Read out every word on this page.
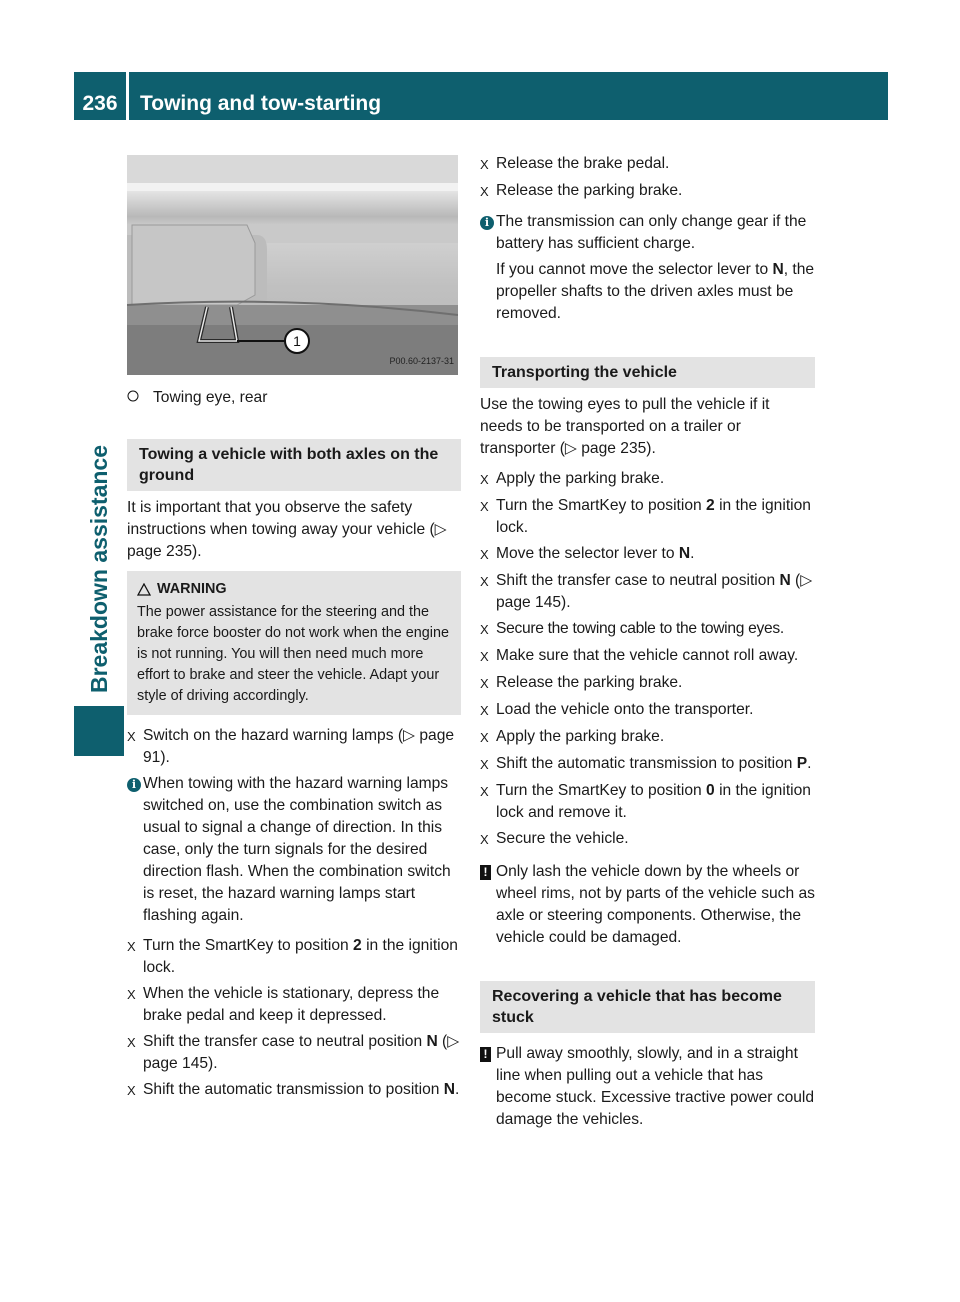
236	Towing and tow-starting
Breakdown assistance
1
P00.60-2137-31
Towing eye, rear
Towing a vehicle with both axles on the ground

It is important that you observe the safety instructions when towing away your vehicle (▷ page 235).

WARNING
The power assistance for the steering and the brake force booster do not work when the engine is not running. You will then need much more effort to brake and steer the vehicle. Adapt your style of driving accordingly.
X Switch on the hazard warning lamps (▷ page 91).
i When towing with the hazard warning lamps switched on, use the combination switch as usual to signal a change of direction. In this case, only the turn signals for the desired direction flash. When the combination switch is reset, the hazard warning lamps start flashing again.
X Turn the SmartKey to position 2 in the ignition lock.
X When the vehicle is stationary, depress the brake pedal and keep it depressed.
X Shift the transfer case to neutral position N (▷ page 145).
X Shift the automatic transmission to position N.
X Release the brake pedal.
X Release the parking brake.
i The transmission can only change gear if the battery has sufficient charge.

If you cannot move the selector lever to N, the propeller shafts to the driven axles must be removed.

Transporting the vehicle

Use the towing eyes to pull the vehicle if it needs to be transported on a trailer or transporter (▷ page 235).

X Apply the parking brake.
X Turn the SmartKey to position 2 in the ignition lock.
X Move the selector lever to N.
X Shift the transfer case to neutral position N (▷ page 145).
X Secure the towing cable to the towing eyes.
X Make sure that the vehicle cannot roll away.
X Release the parking brake.
X Load the vehicle onto the transporter.
X Apply the parking brake.
X Shift the automatic transmission to position P.
X Turn the SmartKey to position 0 in the ignition lock and remove it.
X Secure the vehicle.
! Only lash the vehicle down by the wheels or wheel rims, not by parts of the vehicle such as axle or steering components. Otherwise, the vehicle could be damaged.
Recovering a vehicle that has become stuck
! Pull away smoothly, slowly, and in a straight line when pulling out a vehicle that has become stuck. Excessive tractive power could damage the vehicles.
